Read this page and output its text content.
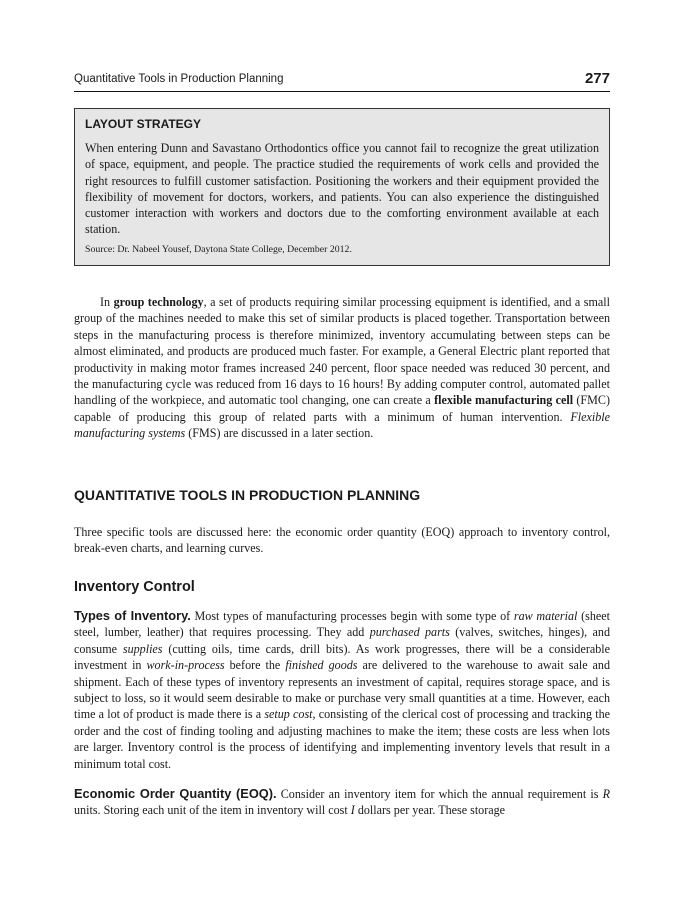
Quantitative Tools in Production Planning	277
LAYOUT STRATEGY
When entering Dunn and Savastano Orthodontics office you cannot fail to recognize the great utilization of space, equipment, and people. The practice studied the requirements of work cells and provided the right resources to fulfill customer satisfaction. Positioning the workers and their equipment provided the flexibility of movement for doctors, workers, and patients. You can also experience the distinguished customer interaction with workers and doctors due to the comforting environment available at each station.
Source: Dr. Nabeel Yousef, Daytona State College, December 2012.

In group technology, a set of products requiring similar processing equipment is identified, and a small group of the machines needed to make this set of similar products is placed together. Transportation between steps in the manufacturing process is therefore minimized, inventory accumulating between steps can be almost eliminated, and products are produced much faster. For example, a General Electric plant reported that productivity in making motor frames increased 240 percent, floor space needed was reduced 30 percent, and the manufacturing cycle was reduced from 16 days to 16 hours! By adding computer control, automated pallet handling of the workpiece, and automatic tool changing, one can create a flexible manufacturing cell (FMC) capable of producing this group of related parts with a minimum of human intervention. Flexible manufacturing systems (FMS) are discussed in a later section.

QUANTITATIVE TOOLS IN PRODUCTION PLANNING

Three specific tools are discussed here: the economic order quantity (EOQ) approach to inventory control, break-even charts, and learning curves.

Inventory Control

Types of Inventory. Most types of manufacturing processes begin with some type of raw material (sheet steel, lumber, leather) that requires processing. They add purchased parts (valves, switches, hinges), and consume supplies (cutting oils, time cards, drill bits). As work progresses, there will be a considerable investment in work-in-process before the finished goods are delivered to the warehouse to await sale and shipment. Each of these types of inventory represents an investment of capital, requires storage space, and is subject to loss, so it would seem desirable to make or purchase very small quantities at a time. However, each time a lot of product is made there is a setup cost, consisting of the clerical cost of processing and tracking the order and the cost of finding tooling and adjusting machines to make the item; these costs are less when lots are larger. Inventory control is the process of identifying and implementing inventory levels that result in a minimum total cost.

Economic Order Quantity (EOQ). Consider an inventory item for which the annual requirement is R units. Storing each unit of the item in inventory will cost I dollars per year. These storage
